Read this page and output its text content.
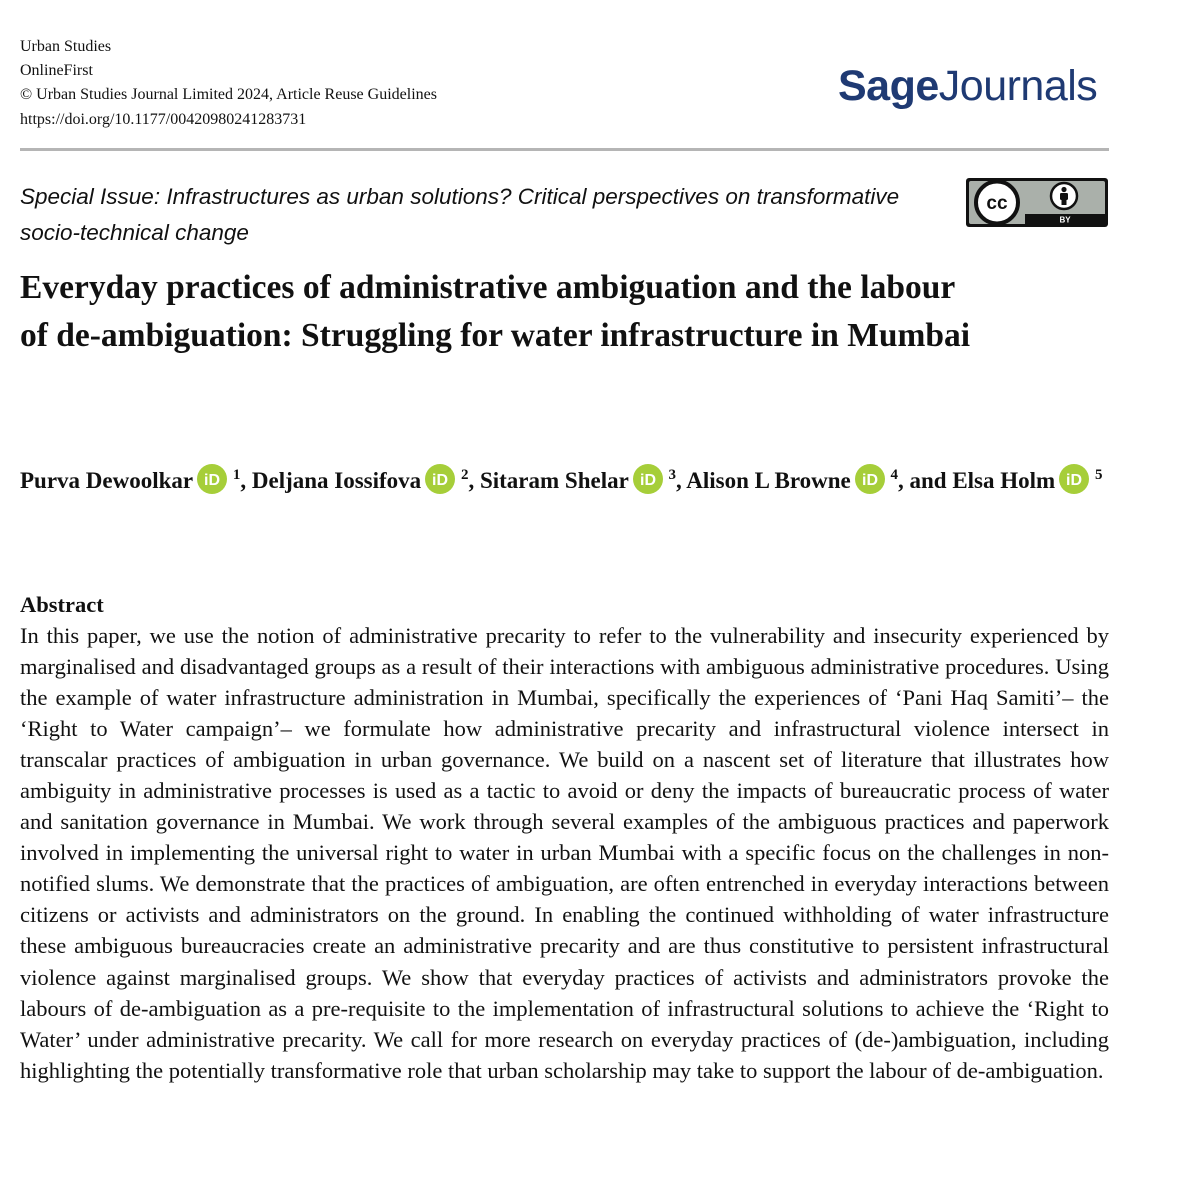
Urban Studies
OnlineFirst
© Urban Studies Journal Limited 2024, Article Reuse Guidelines
https://doi.org/10.1177/00420980241283731
SageJournals
Special Issue: Infrastructures as urban solutions? Critical perspectives on transformative socio-technical change
cc
BY
Everyday practices of administrative ambiguation and the labour of de-ambiguation: Struggling for water infrastructure in Mumbai
Purva Dewoolkar iD $^1$, Deljana Iossifova iD $^2$, Sitaram Shelar iD $^3$, Alison L Browne iD $^4$, and Elsa Holm iD $^5$
Abstract

In this paper, we use the notion of administrative precarity to refer to the vulnerability and insecurity experienced by marginalised and disadvantaged groups as a result of their interactions with ambiguous administrative procedures. Using the example of water infrastructure administration in Mumbai, specifically the experiences of ‘Pani Haq Samiti’– the ‘Right to Water campaign’– we formulate how administrative precarity and infrastructural violence intersect in transcalar practices of ambiguation in urban governance. We build on a nascent set of literature that illustrates how ambiguity in administrative processes is used as a tactic to avoid or deny the impacts of bureaucratic process of water and sanitation governance in Mumbai. We work through several examples of the ambiguous practices and paperwork involved in implementing the universal right to water in urban Mumbai with a specific focus on the challenges in non-notified slums. We demonstrate that the practices of ambiguation, are often entrenched in everyday interactions between citizens or activists and administrators on the ground. In enabling the continued withholding of water infrastructure these ambiguous bureaucracies create an administrative precarity and are thus constitutive to persistent infrastructural violence against marginalised groups. We show that everyday practices of activists and administrators provoke the labours of de-ambiguation as a pre-requisite to the implementation of infrastructural solutions to achieve the ‘Right to Water’ under administrative precarity. We call for more research on everyday practices of (de-)ambiguation, including highlighting the potentially transformative role that urban scholarship may take to support the labour of de-ambiguation.
